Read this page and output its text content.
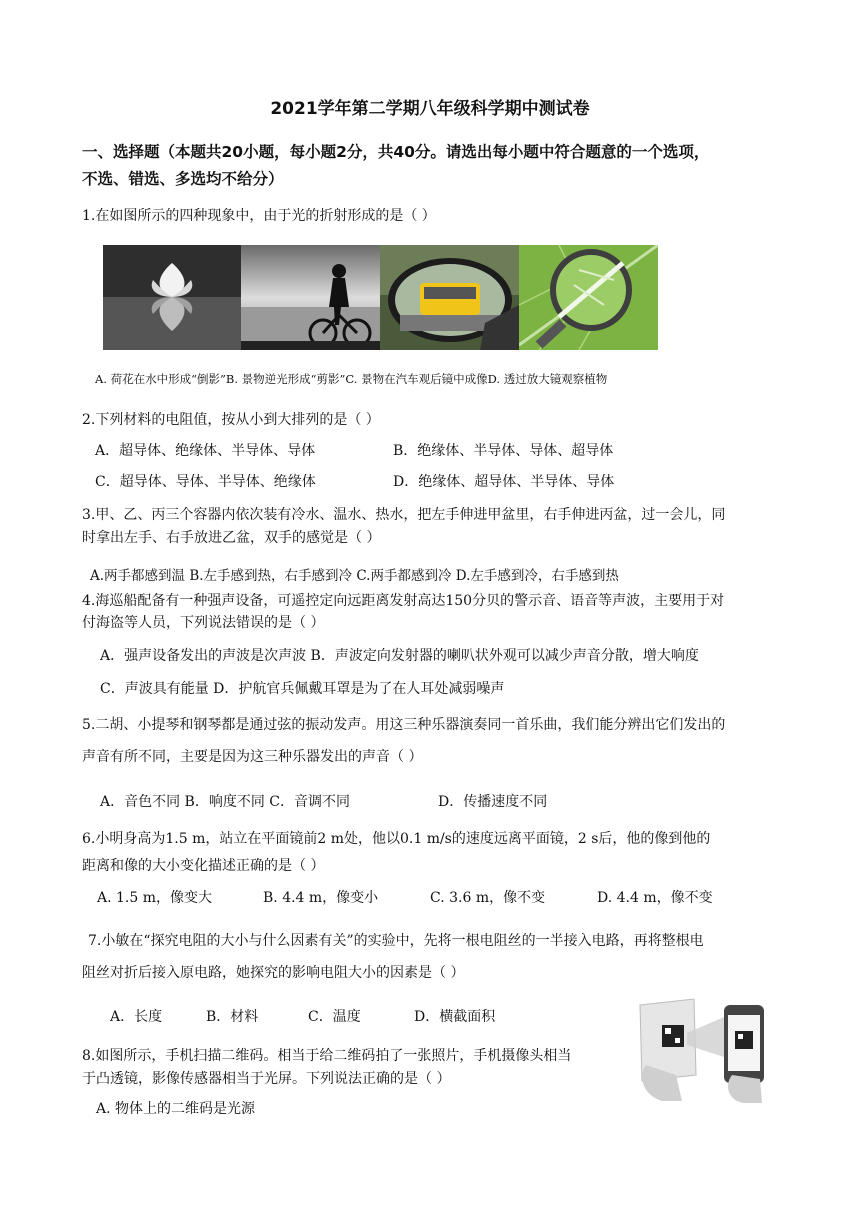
2021学年第二学期八年级科学期中测试卷
一、选择题（本题共20小题，每小题2分，共40分。请选出每小题中符合题意的一个选项，
不选、错选、多选均不给分）
1.在如图所示的四种现象中，由于光的折射形成的是（ ）
A. 荷花在水中形成“倒影”B. 景物逆光形成“剪影”C. 景物在汽车观后镜中成像D. 透过放大镜观察植物
2.下列材料的电阻值，按从小到大排列的是（ ）
A．超导体、绝缘体、半导体、导体	B．绝缘体、半导体、导体、超导体
C．超导体、导体、半导体、绝缘体	D．绝缘体、超导体、半导体、导体
3.甲、乙、丙三个容器内依次装有冷水、温水、热水，把左手伸进甲盆里，右手伸进丙盆，过一会儿，同
时拿出左手、右手放进乙盆，双手的感觉是（ ）
A.两手都感到温 B.左手感到热，右手感到冷 C.两手都感到冷 D.左手感到冷，右手感到热
4.海巡船配备有一种强声设备，可遥控定向远距离发射高达150分贝的警示音、语音等声波，主要用于对
付海盗等人员，下列说法错误的是（ ）
A．强声设备发出的声波是次声波 B．声波定向发射器的喇叭状外观可以减少声音分散，增大响度
C．声波具有能量 D．护航官兵佩戴耳罩是为了在人耳处减弱噪声
5.二胡、小提琴和钢琴都是通过弦的振动发声。用这三种乐器演奏同一首乐曲，我们能分辨出它们发出的
声音有所不同，主要是因为这三种乐器发出的声音（ ）
A．音色不同 B．响度不同 C．音调不同	D．传播速度不同
6.小明身高为1.5 m，站立在平面镜前2 m处，他以0.1 m/s的速度远离平面镜，2 s后，他的像到他的
距离和像的大小变化描述正确的是（ ）
A. 1.5 m，像变大	B. 4.4 m，像变小	C. 3.6 m，像不变	D. 4.4 m，像不变
7.小敏在“探究电阻的大小与什么因素有关”的实验中，先将一根电阻丝的一半接入电路，再将整根电
阻丝对折后接入原电路，她探究的影响电阻大小的因素是（ ）
A．长度	B．材料	C．温度	D．横截面积
8.如图所示，手机扫描二维码。相当于给二维码拍了一张照片，手机摄像头相当
于凸透镜，影像传感器相当于光屏。下列说法正确的是（ ）
A. 物体上的二维码是光源
